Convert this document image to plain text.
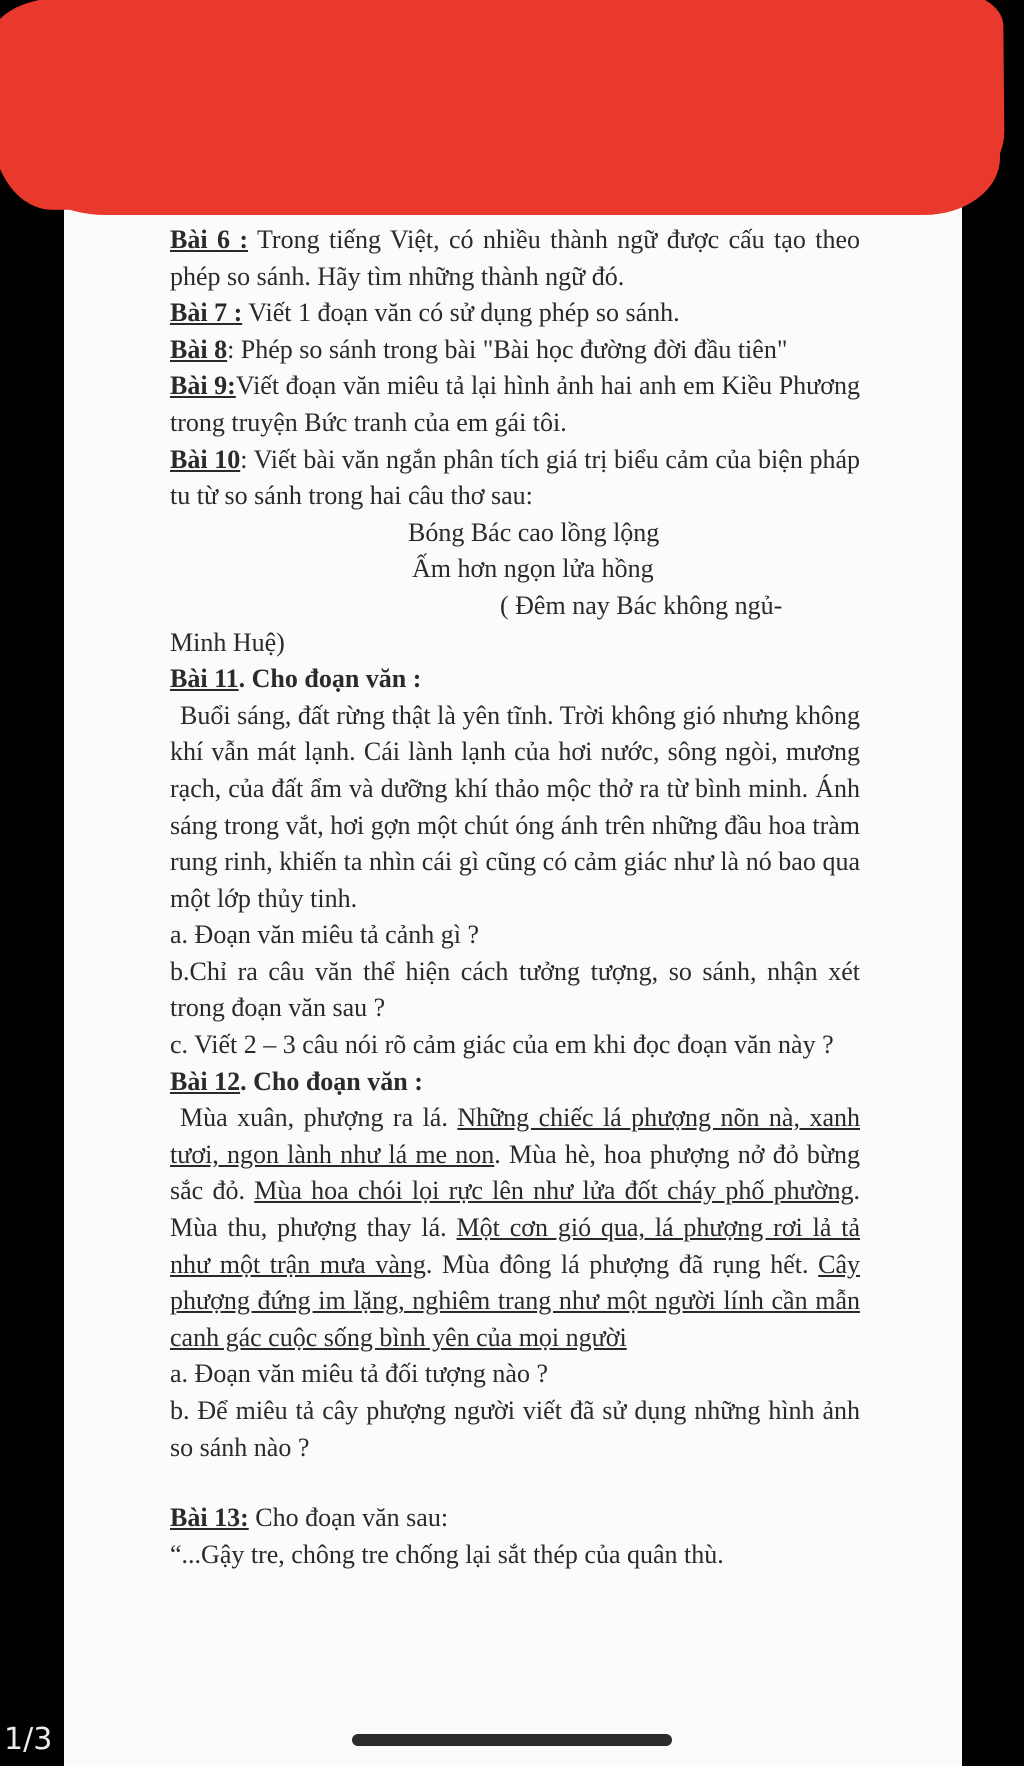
Bài 6 : Trong tiếng Việt, có nhiều thành ngữ được cấu tạo theo phép so sánh. Hãy tìm những thành ngữ đó.

Bài 7 : Viết 1 đoạn văn có sử dụng phép so sánh.

Bài 8: Phép so sánh trong bài "Bài học đường đời đầu tiên"

Bài 9:Viết đoạn văn miêu tả lại hình ảnh hai anh em Kiều Phương trong truyện Bức tranh của em gái tôi.

Bài 10: Viết bài văn ngắn phân tích giá trị biểu cảm của biện pháp tu từ so sánh trong hai câu thơ sau:

Bóng Bác cao lồng lộng

Ấm hơn ngọn lửa hồng

( Đêm nay Bác không ngủ-

Minh Huệ)

Bài 11. Cho đoạn văn :

Buổi sáng, đất rừng thật là yên tĩnh. Trời không gió nhưng không khí vẫn mát lạnh. Cái lành lạnh của hơi nước, sông ngòi, mương rạch, của đất ẩm và dưỡng khí thảo mộc thở ra từ bình minh. Ánh sáng trong vắt, hơi gợn một chút óng ánh trên những đầu hoa tràm rung rinh, khiến ta nhìn cái gì cũng có cảm giác như là nó bao qua một lớp thủy tinh.

a. Đoạn văn miêu tả cảnh gì ?

b.Chỉ ra câu văn thể hiện cách tưởng tượng, so sánh, nhận xét trong đoạn văn sau ?

c. Viết 2 – 3 câu nói rõ cảm giác của em khi đọc đoạn văn này ?

Bài 12. Cho đoạn văn :

Mùa xuân, phượng ra lá. Những chiếc lá phượng nõn nà, xanh tươi, ngon lành như lá me non. Mùa hè, hoa phượng nở đỏ bừng sắc đỏ. Mùa hoa chói lọi rực lên như lửa đốt cháy phố phường. Mùa thu, phượng thay lá. Một cơn gió qua, lá phượng rơi lả tả như một trận mưa vàng. Mùa đông lá phượng đã rụng hết. Cây phượng đứng im lặng, nghiêm trang như một người lính cần mẫn canh gác cuộc sống bình yên của mọi người

a. Đoạn văn miêu tả đối tượng nào ?

b. Để miêu tả cây phượng người viết đã sử dụng những hình ảnh so sánh nào ?

Bài 13: Cho đoạn văn sau:

“...Gậy tre, chông tre chống lại sắt thép của quân thù.

1/3
